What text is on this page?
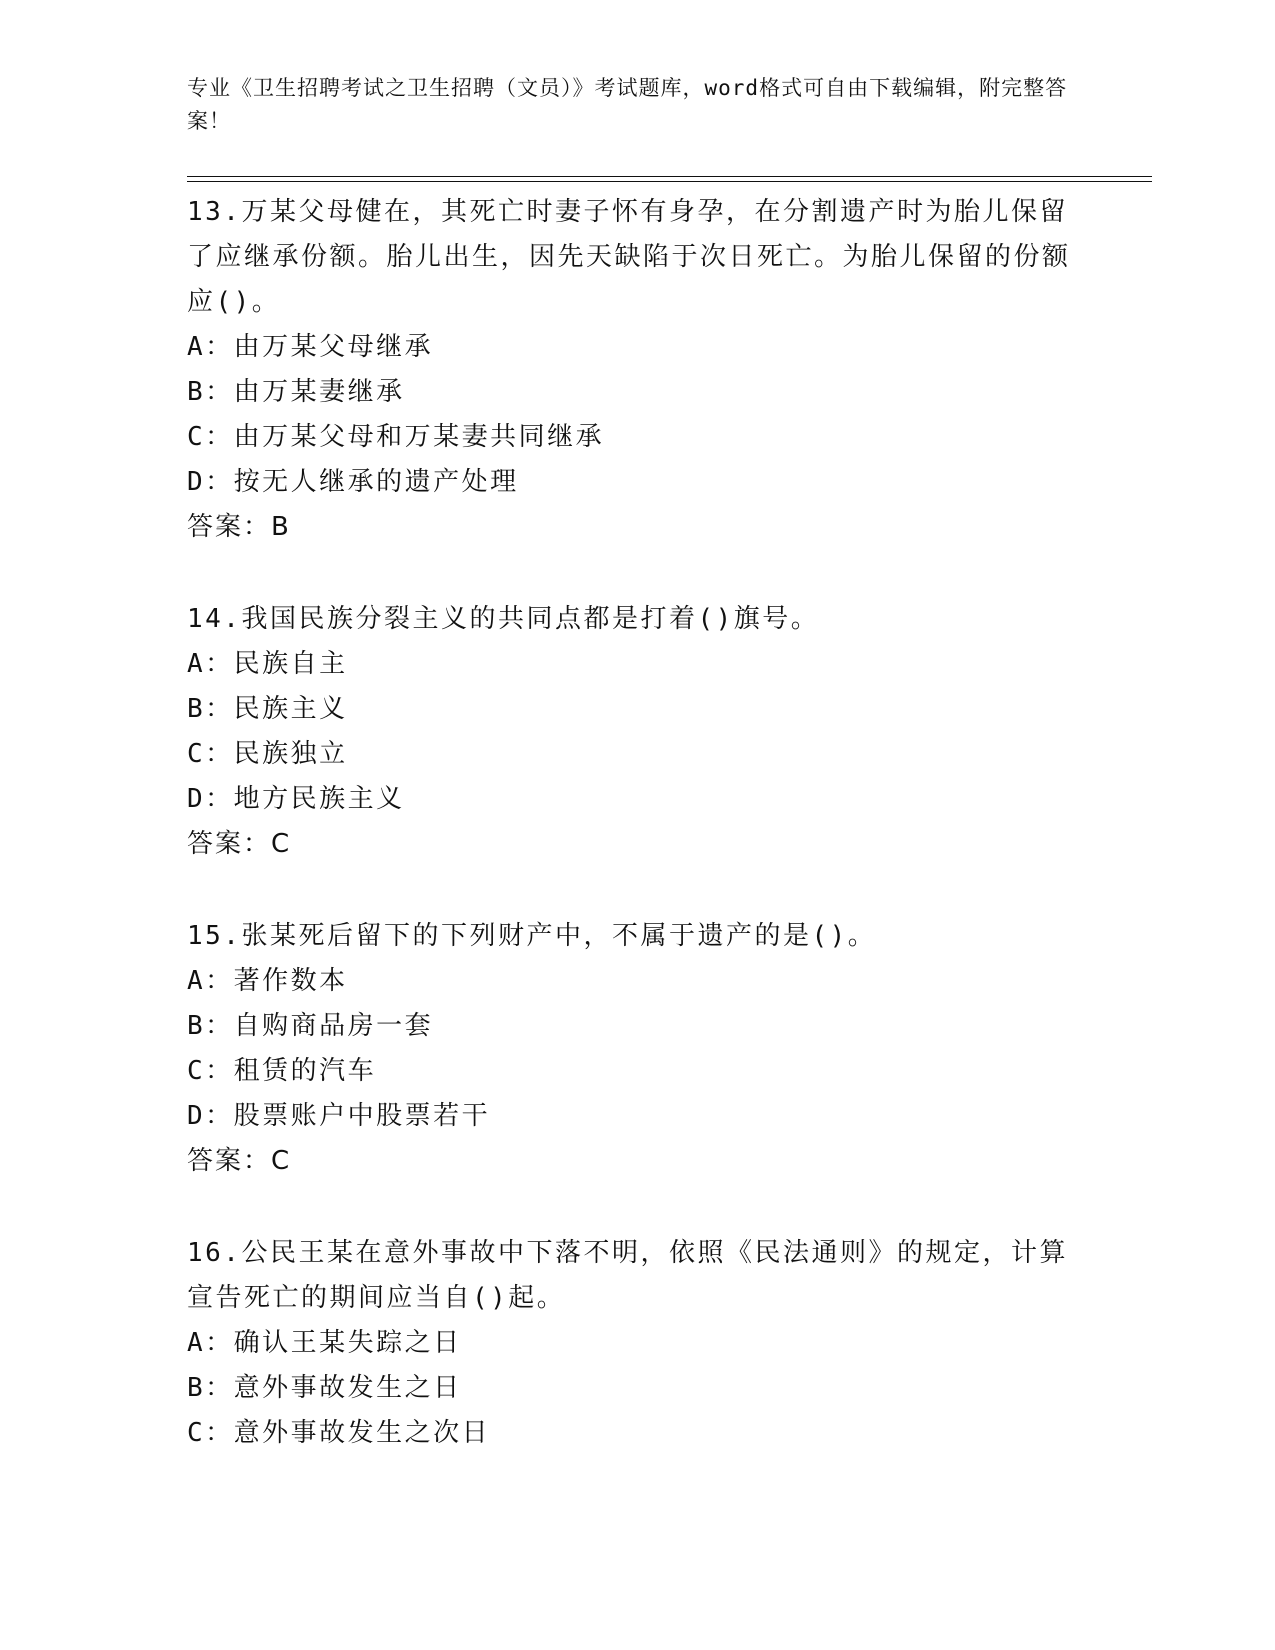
专业《卫生招聘考试之卫生招聘（文员）》考试题库，word格式可自由下载编辑，附完整答案！
13.万某父母健在，其死亡时妻子怀有身孕，在分割遗产时为胎儿保留了应继承份额。胎儿出生，因先天缺陷于次日死亡。为胎儿保留的份额应()。
A：由万某父母继承
B：由万某妻继承
C：由万某父母和万某妻共同继承
D：按无人继承的遗产处理
答案：B
14.我国民族分裂主义的共同点都是打着()旗号。
A：民族自主
B：民族主义
C：民族独立
D：地方民族主义
答案：C
15.张某死后留下的下列财产中，不属于遗产的是()。
A：著作数本
B：自购商品房一套
C：租赁的汽车
D：股票账户中股票若干
答案：C
16.公民王某在意外事故中下落不明，依照《民法通则》的规定，计算宣告死亡的期间应当自()起。
A：确认王某失踪之日
B：意外事故发生之日
C：意外事故发生之次日
